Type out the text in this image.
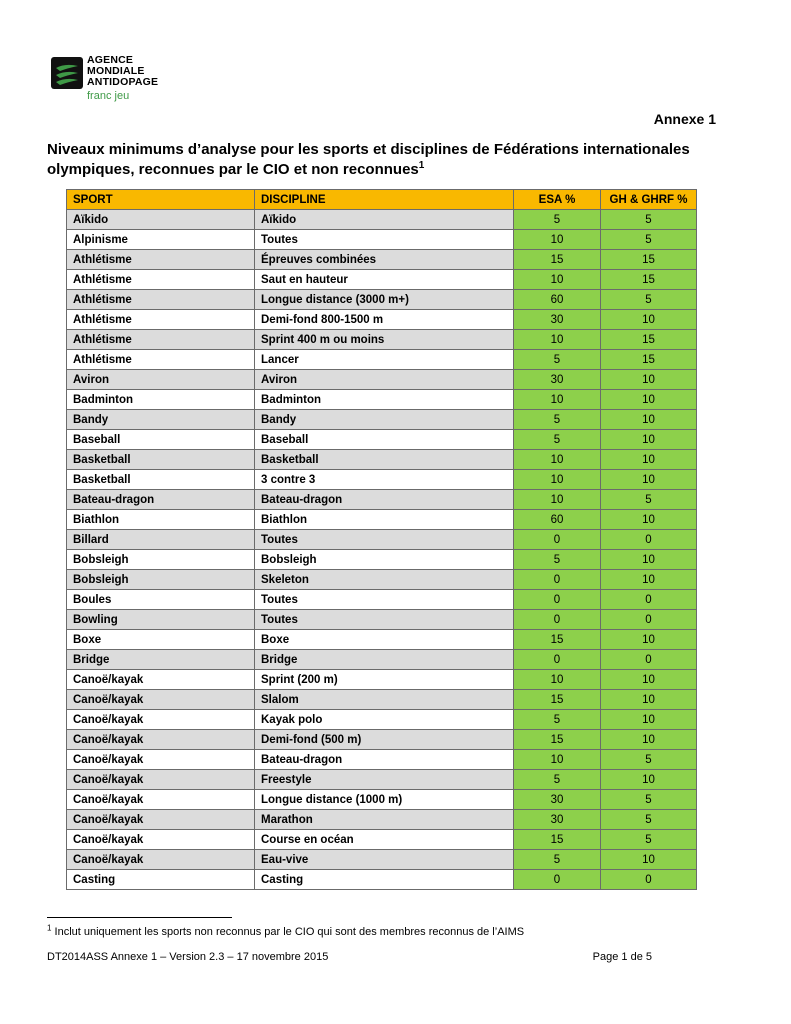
AGENCE
MONDIALE
ANTIDOPAGE
franc jeu
Annexe 1
Niveaux minimums d’analyse pour les sports et disciplines de Fédérations internationales olympiques, reconnues par le CIO et non reconnues$^1$
SPORT	DISCIPLINE	ESA %	GH & GHRF %
Aïkido	Aïkido	5	5
Alpinisme	Toutes	10	5
Athlétisme	Épreuves combinées	15	15
Athlétisme	Saut en hauteur	10	15
Athlétisme	Longue distance (3000 m+)	60	5
Athlétisme	Demi-fond 800-1500 m	30	10
Athlétisme	Sprint 400 m ou moins	10	15
Athlétisme	Lancer	5	15
Aviron	Aviron	30	10
Badminton	Badminton	10	10
Bandy	Bandy	5	10
Baseball	Baseball	5	10
Basketball	Basketball	10	10
Basketball	3 contre 3	10	10
Bateau-dragon	Bateau-dragon	10	5
Biathlon	Biathlon	60	10
Billard	Toutes	0	0
Bobsleigh	Bobsleigh	5	10
Bobsleigh	Skeleton	0	10
Boules	Toutes	0	0
Bowling	Toutes	0	0
Boxe	Boxe	15	10
Bridge	Bridge	0	0
Canoë/kayak	Sprint (200 m)	10	10
Canoë/kayak	Slalom	15	10
Canoë/kayak	Kayak polo	5	10
Canoë/kayak	Demi-fond (500 m)	15	10
Canoë/kayak	Bateau-dragon	10	5
Canoë/kayak	Freestyle	5	10
Canoë/kayak	Longue distance (1000 m)	30	5
Canoë/kayak	Marathon	30	5
Canoë/kayak	Course en océan	15	5
Canoë/kayak	Eau-vive	5	10
Casting	Casting	0	0
$^1$ Inclut uniquement les sports non reconnus par le CIO qui sont des membres reconnus de l’AIMS
DT2014ASS Annexe 1 – Version 2.3 – 17 novembre 2015	Page 1 de 5
